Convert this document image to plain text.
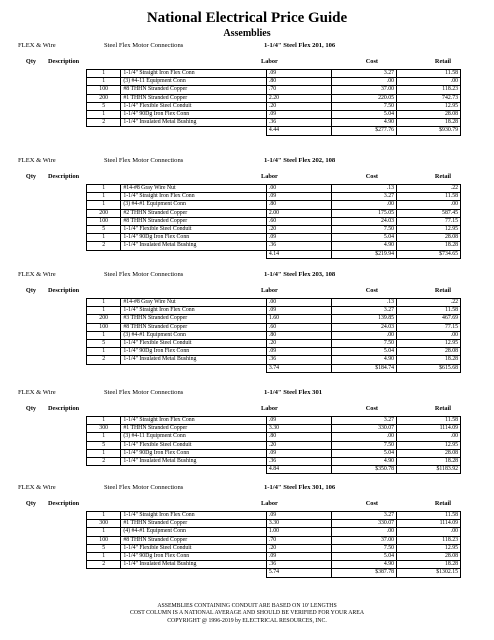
National Electrical Price Guide
Assemblies
FLEX & Wire	Steel Flex Motor Connections	1-1/4" Steel Flex 201, 106
Qty	Description	Labor	Cost	Retail
1	1-1/4" Straight Iron Flex Conn	.09	3.27	11.58
1	(3) #4-11 Equipment Conn	.80	.00	.00
100	#8 THHN Stranded Copper	.70	37.00	118.23
200	#1 THHN Stranded Copper	2.20	220.05	742.73
5	1-1/4" Flexible Steel Conduit	.20	7.50	12.95
1	1-1/4" 90Dg Iron Flex Conn	.09	5.04	28.08
2	1-1/4" Insulated Metal Bushing	.36	4.90	18.28
		4.44	$277.76	$930.79
FLEX & Wire	Steel Flex Motor Connections	1-1/4" Steel Flex 202, 108
Qty	Description	Labor	Cost	Retail
1	#14-#8 Gray Wire Nut	.00	.13	.22
1	1-1/4" Straight Iron Flex Conn	.09	3.27	11.58
1	(3) #4-#1 Equipment Conn	.80	.00	.00
200	#2 THHN Stranded Copper	2.00	175.05	587.45
100	#8 THHN Stranded Copper	.60	24.03	77.15
5	1-1/4" Flexible Steel Conduit	.20	7.50	12.95
1	1-1/4" 90Dg Iron Flex Conn	.09	5.04	28.08
2	1-1/4" Insulated Metal Bushing	.36	4.90	18.28
		4.14	$219.94	$734.65
FLEX & Wire	Steel Flex Motor Connections	1-1/4" Steel Flex 203, 108
Qty	Description	Labor	Cost	Retail
1	#14-#8 Gray Wire Nut	.00	.13	.22
1	1-1/4" Straight Iron Flex Conn	.09	3.27	11.58
200	#3 THHN Stranded Copper	1.60	139.85	467.69
100	#8 THHN Stranded Copper	.60	24.03	77.15
1	(3) #4-#1 Equipment Conn	.80	.00	.00
5	1-1/4" Flexible Steel Conduit	.20	7.50	12.95
1	1-1/4" 90Dg Iron Flex Conn	.09	5.04	28.08
2	1-1/4" Insulated Metal Bushing	.36	4.90	18.28
		3.74	$184.74	$615.68
FLEX & Wire	Steel Flex Motor Connections	1-1/4" Steel Flex 301
Qty	Description	Labor	Cost	Retail
1	1-1/4" Straight Iron Flex Conn	.09	3.27	11.58
300	#1 THHN Stranded Copper	3.30	330.07	1114.09
1	(3) #4-11 Equipment Conn	.80	.00	.00
5	1-1/4" Flexible Steel Conduit	.20	7.50	12.95
1	1-1/4" 90Dg Iron Flex Conn	.09	5.04	28.08
2	1-1/4" Insulated Metal Bushing	.36	4.90	18.28
		4.84	$350.78	$1183.92
FLEX & Wire	Steel Flex Motor Connections	1-1/4" Steel Flex 301, 106
Qty	Description	Labor	Cost	Retail
1	1-1/4" Straight Iron Flex Conn	.09	3.27	11.58
300	#1 THHN Stranded Copper	3.30	330.07	1114.09
1	(4) #4-#1 Equipment Conn	1.00	.00	.00
100	#8 THHN Stranded Copper	.70	37.00	118.23
5	1-1/4" Flexible Steel Conduit	.20	7.50	12.95
1	1-1/4" 90Dg Iron Flex Conn	.09	5.04	28.08
2	1-1/4" Insulated Metal Bushing	.36	4.90	18.28
		5.74	$387.78	$1302.15
ASSEMBLIES CONTAINING CONDUIT ARE BASED ON 10' LENGTHS
COST COLUMN IS A NATIONAL AVERAGE AND SHOULD BE VERIFIED FOR YOUR AREA
COPYRIGHT @ 1996-2019 by ELECTRICAL RESOURCES, INC.
